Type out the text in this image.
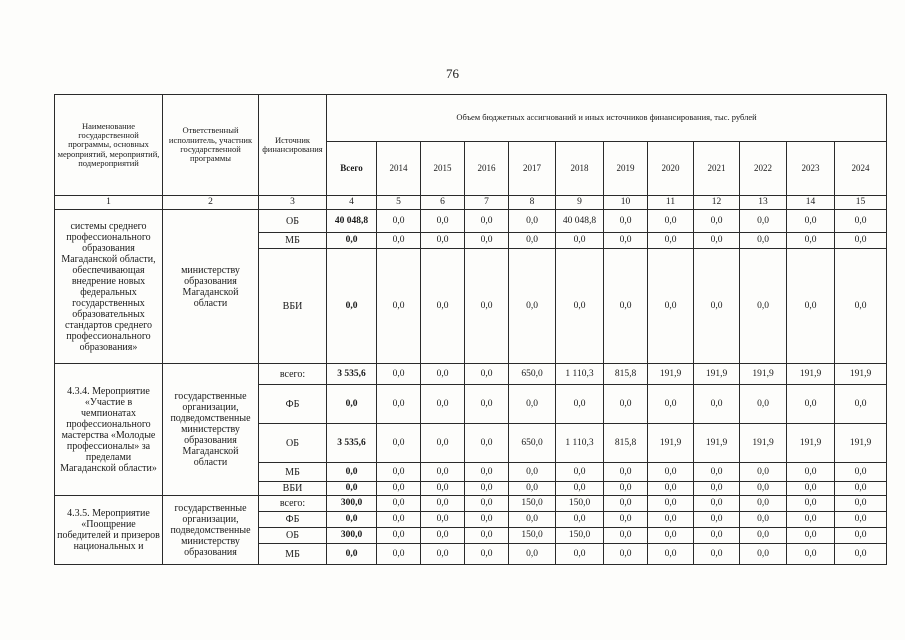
76
Наименование государственной программы, основных мероприятий, мероприятий, подмероприятий	Ответственный исполнитель, участник государственной программы	Источник финансирования	Объем бюджетных ассигнований и иных источников финансирования, тыс. рублей											
			Всего	2014	2015	2016	2017	2018	2019	2020	2021	2022	2023	2024
1	2	3	4	5	6	7	8	9	10	11	12	13	14	15
системы среднего профессионального образования Магаданской области, обеспечивающая внедрение новых федеральных государственных образовательных стандартов среднего профессионального образования»	министерству образования Магаданской области	ОБ	40 048,8	0,0	0,0	0,0	0,0	40 048,8	0,0	0,0	0,0	0,0	0,0	0,0
		МБ	0,0	0,0	0,0	0,0	0,0	0,0	0,0	0,0	0,0	0,0	0,0	0,0
		ВБИ	0,0	0,0	0,0	0,0	0,0	0,0	0,0	0,0	0,0	0,0	0,0	0,0
4.3.4. Мероприятие «Участие в чемпионатах профессионального мастерства «Молодые профессионалы» за пределами Магаданской области»	государственные организации, подведомственные министерству образования Магаданской области	всего:	3 535,6	0,0	0,0	0,0	650,0	1 110,3	815,8	191,9	191,9	191,9	191,9	191,9
		ФБ	0,0	0,0	0,0	0,0	0,0	0,0	0,0	0,0	0,0	0,0	0,0	0,0
		ОБ	3 535,6	0,0	0,0	0,0	650,0	1 110,3	815,8	191,9	191,9	191,9	191,9	191,9
		МБ	0,0	0,0	0,0	0,0	0,0	0,0	0,0	0,0	0,0	0,0	0,0	0,0
		ВБИ	0,0	0,0	0,0	0,0	0,0	0,0	0,0	0,0	0,0	0,0	0,0	0,0
4.3.5. Мероприятие «Поощрение победителей и призеров национальных и	государственные организации, подведомственные министерству образования	всего:	300,0	0,0	0,0	0,0	150,0	150,0	0,0	0,0	0,0	0,0	0,0	0,0
		ФБ	0,0	0,0	0,0	0,0	0,0	0,0	0,0	0,0	0,0	0,0	0,0	0,0
		ОБ	300,0	0,0	0,0	0,0	150,0	150,0	0,0	0,0	0,0	0,0	0,0	0,0
		МБ	0,0	0,0	0,0	0,0	0,0	0,0	0,0	0,0	0,0	0,0	0,0	0,0
